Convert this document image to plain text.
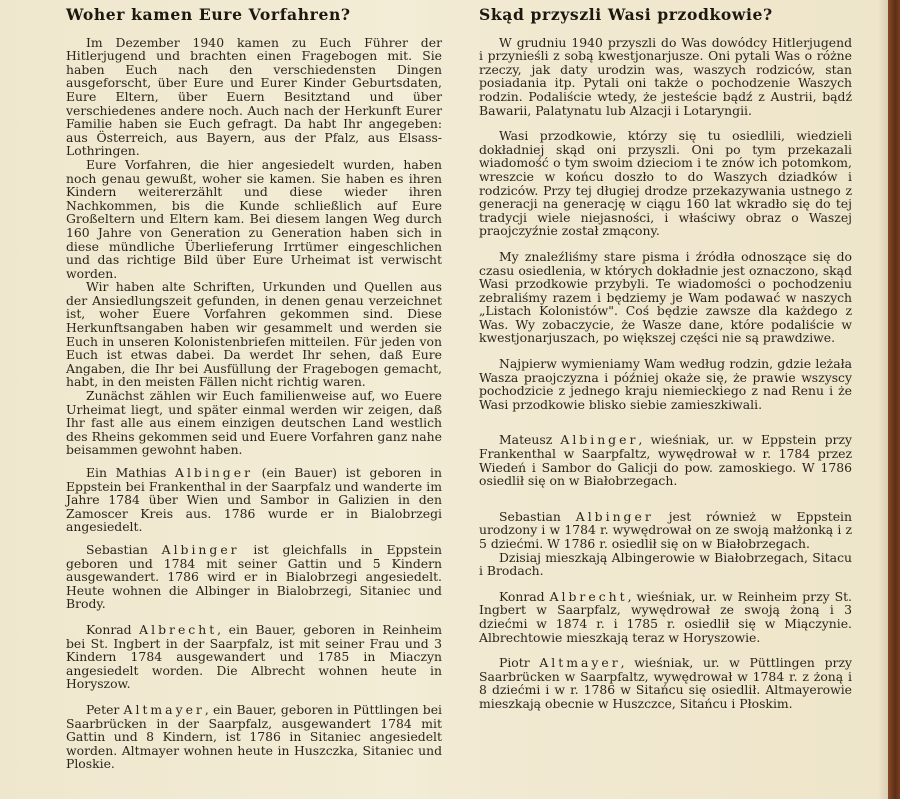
Woher kamen Eure Vorfahren?

Im Dezember 1940 kamen zu Euch Führer der Hitlerjugend und brachten einen Fragebogen mit. Sie haben Euch nach den verschiedensten Dingen ausgeforscht, über Eure und Eurer Kinder Geburtsdaten, Eure Eltern, über Euern Besitztand und über verschiedenes andere noch. Auch nach der Herkunft Eurer Familie haben sie Euch gefragt. Da habt Ihr angegeben: aus Österreich, aus Bayern, aus der Pfalz, aus Elsass-Lothringen.

Eure Vorfahren, die hier angesiedelt wurden, haben noch genau gewußt, woher sie kamen. Sie haben es ihren Kindern weitererzählt und diese wieder ihren Nachkommen, bis die Kunde schließlich auf Eure Großeltern und Eltern kam. Bei diesem langen Weg durch 160 Jahre von Generation zu Generation haben sich in diese mündliche Überlieferung Irrtümer eingeschlichen und das richtige Bild über Eure Urheimat ist verwischt worden.

Wir haben alte Schriften, Urkunden und Quellen aus der Ansiedlungszeit gefunden, in denen genau verzeichnet ist, woher Euere Vorfahren gekommen sind. Diese Herkunftsangaben haben wir gesammelt und werden sie Euch in unseren Kolonistenbriefen mitteilen. Für jeden von Euch ist etwas dabei. Da werdet Ihr sehen, daß Eure Angaben, die Ihr bei Ausfüllung der Fragebogen gemacht, habt, in den meisten Fällen nicht richtig waren.

Zunächst zählen wir Euch familienweise auf, wo Euere Urheimat liegt, und später einmal werden wir zeigen, daß Ihr fast alle aus einem einzigen deutschen Land westlich des Rheins gekommen seid und Euere Vorfahren ganz nahe beisammen gewohnt haben.

Ein Mathias Albinger (ein Bauer) ist geboren in Eppstein bei Frankenthal in der Saarpfalz und wanderte im Jahre 1784 über Wien und Sambor in Galizien in den Zamoscer Kreis aus. 1786 wurde er in Bialobrzegi angesiedelt.

Sebastian Albinger ist gleichfalls in Eppstein geboren und 1784 mit seiner Gattin und 5 Kindern ausgewandert. 1786 wird er in Bialobrzegi angesiedelt. Heute wohnen die Albinger in Bialobrzegi, Sitaniec und Brody.

Konrad Albrecht, ein Bauer, geboren in Reinheim bei St. Ingbert in der Saarpfalz, ist mit seiner Frau und 3 Kindern 1784 ausgewandert und 1785 in Miaczyn angesiedelt worden. Die Albrecht wohnen heute in Horyszow.

Peter Altmayer, ein Bauer, geboren in Püttlingen bei Saarbrücken in der Saarpfalz, ausgewandert 1784 mit Gattin und 8 Kindern, ist 1786 in Sitaniec angesiedelt worden. Altmayer wohnen heute in Huszczka, Sitaniec und Ploskie.

Skąd przyszli Wasi przodkowie?

W grudniu 1940 przyszli do Was dowódcy Hitlerjugend i przynieśli z sobą kwestjonarjusze. Oni pytali Was o różne rzeczy, jak daty urodzin was, waszych rodziców, stan posiadania itp. Pytali oni także o pochodzenie Waszych rodzin. Podaliście wtedy, że jesteście bądź z Austrii, bądź Bawarii, Palatynatu lub Alzacji i Lotaryngii.

Wasi przodkowie, którzy się tu osiedlili, wiedzieli dokładniej skąd oni przyszli. Oni po tym przekazali wiadomość o tym swoim dzieciom i te znów ich potomkom, wreszcie w końcu doszło to do Waszych dziadków i rodziców. Przy tej długiej drodze przekazywania ustnego z generacji na generację w ciągu 160 lat wkradło się do tej tradycji wiele niejasności, i właściwy obraz o Waszej praojczyźnie został zmącony.

My znaleźliśmy stare pisma i źródła odnoszące się do czasu osiedlenia, w których dokładnie jest oznaczono, skąd Wasi przodkowie przybyli. Te wiadomości o pochodzeniu zebraliśmy razem i będziemy je Wam podawać w naszych „Listach Kolonistów". Coś będzie zawsze dla każdego z Was. Wy zobaczycie, że Wasze dane, które podaliście w kwestjonarjuszach, po większej części nie są prawdziwe.

Najpierw wymieniamy Wam według rodzin, gdzie leżała Wasza praojczyzna i później okaże się, że prawie wszyscy pochodzicie z jednego kraju niemieckiego z nad Renu i że Wasi przodkowie blisko siebie zamieszkiwali.

Mateusz Albinger, wieśniak, ur. w Eppstein przy Frankenthal w Saarpfaltz, wywędrował w r. 1784 przez Wiedeń i Sambor do Galicji do pow. zamoskiego. W 1786 osiedlił się on w Białobrzegach.

Sebastian Albinger jest również w Eppstein urodzony i w 1784 r. wywędrował on ze swoją małżonką i z 5 dziećmi. W 1786 r. osiedlił się on w Białobrzegach.

Dzisiaj mieszkają Albingerowie w Białobrzegach, Sitacu i Brodach.

Konrad Albrecht, wieśniak, ur. w Reinheim przy St. Ingbert w Saarpfalz, wywędrował ze swoją żoną i 3 dziećmi w 1874 r. i 1785 r. osiedlił się w Miączynie. Albrechtowie mieszkają teraz w Horyszowie.

Piotr Altmayer, wieśniak, ur. w Püttlingen przy Saarbrücken w Saarpfaltz, wywędrował w 1784 r. z żoną i 8 dziećmi i w r. 1786 w Sitańcu się osiedlił. Altmayerowie mieszkają obecnie w Huszczce, Sitańcu i Płoskim.
